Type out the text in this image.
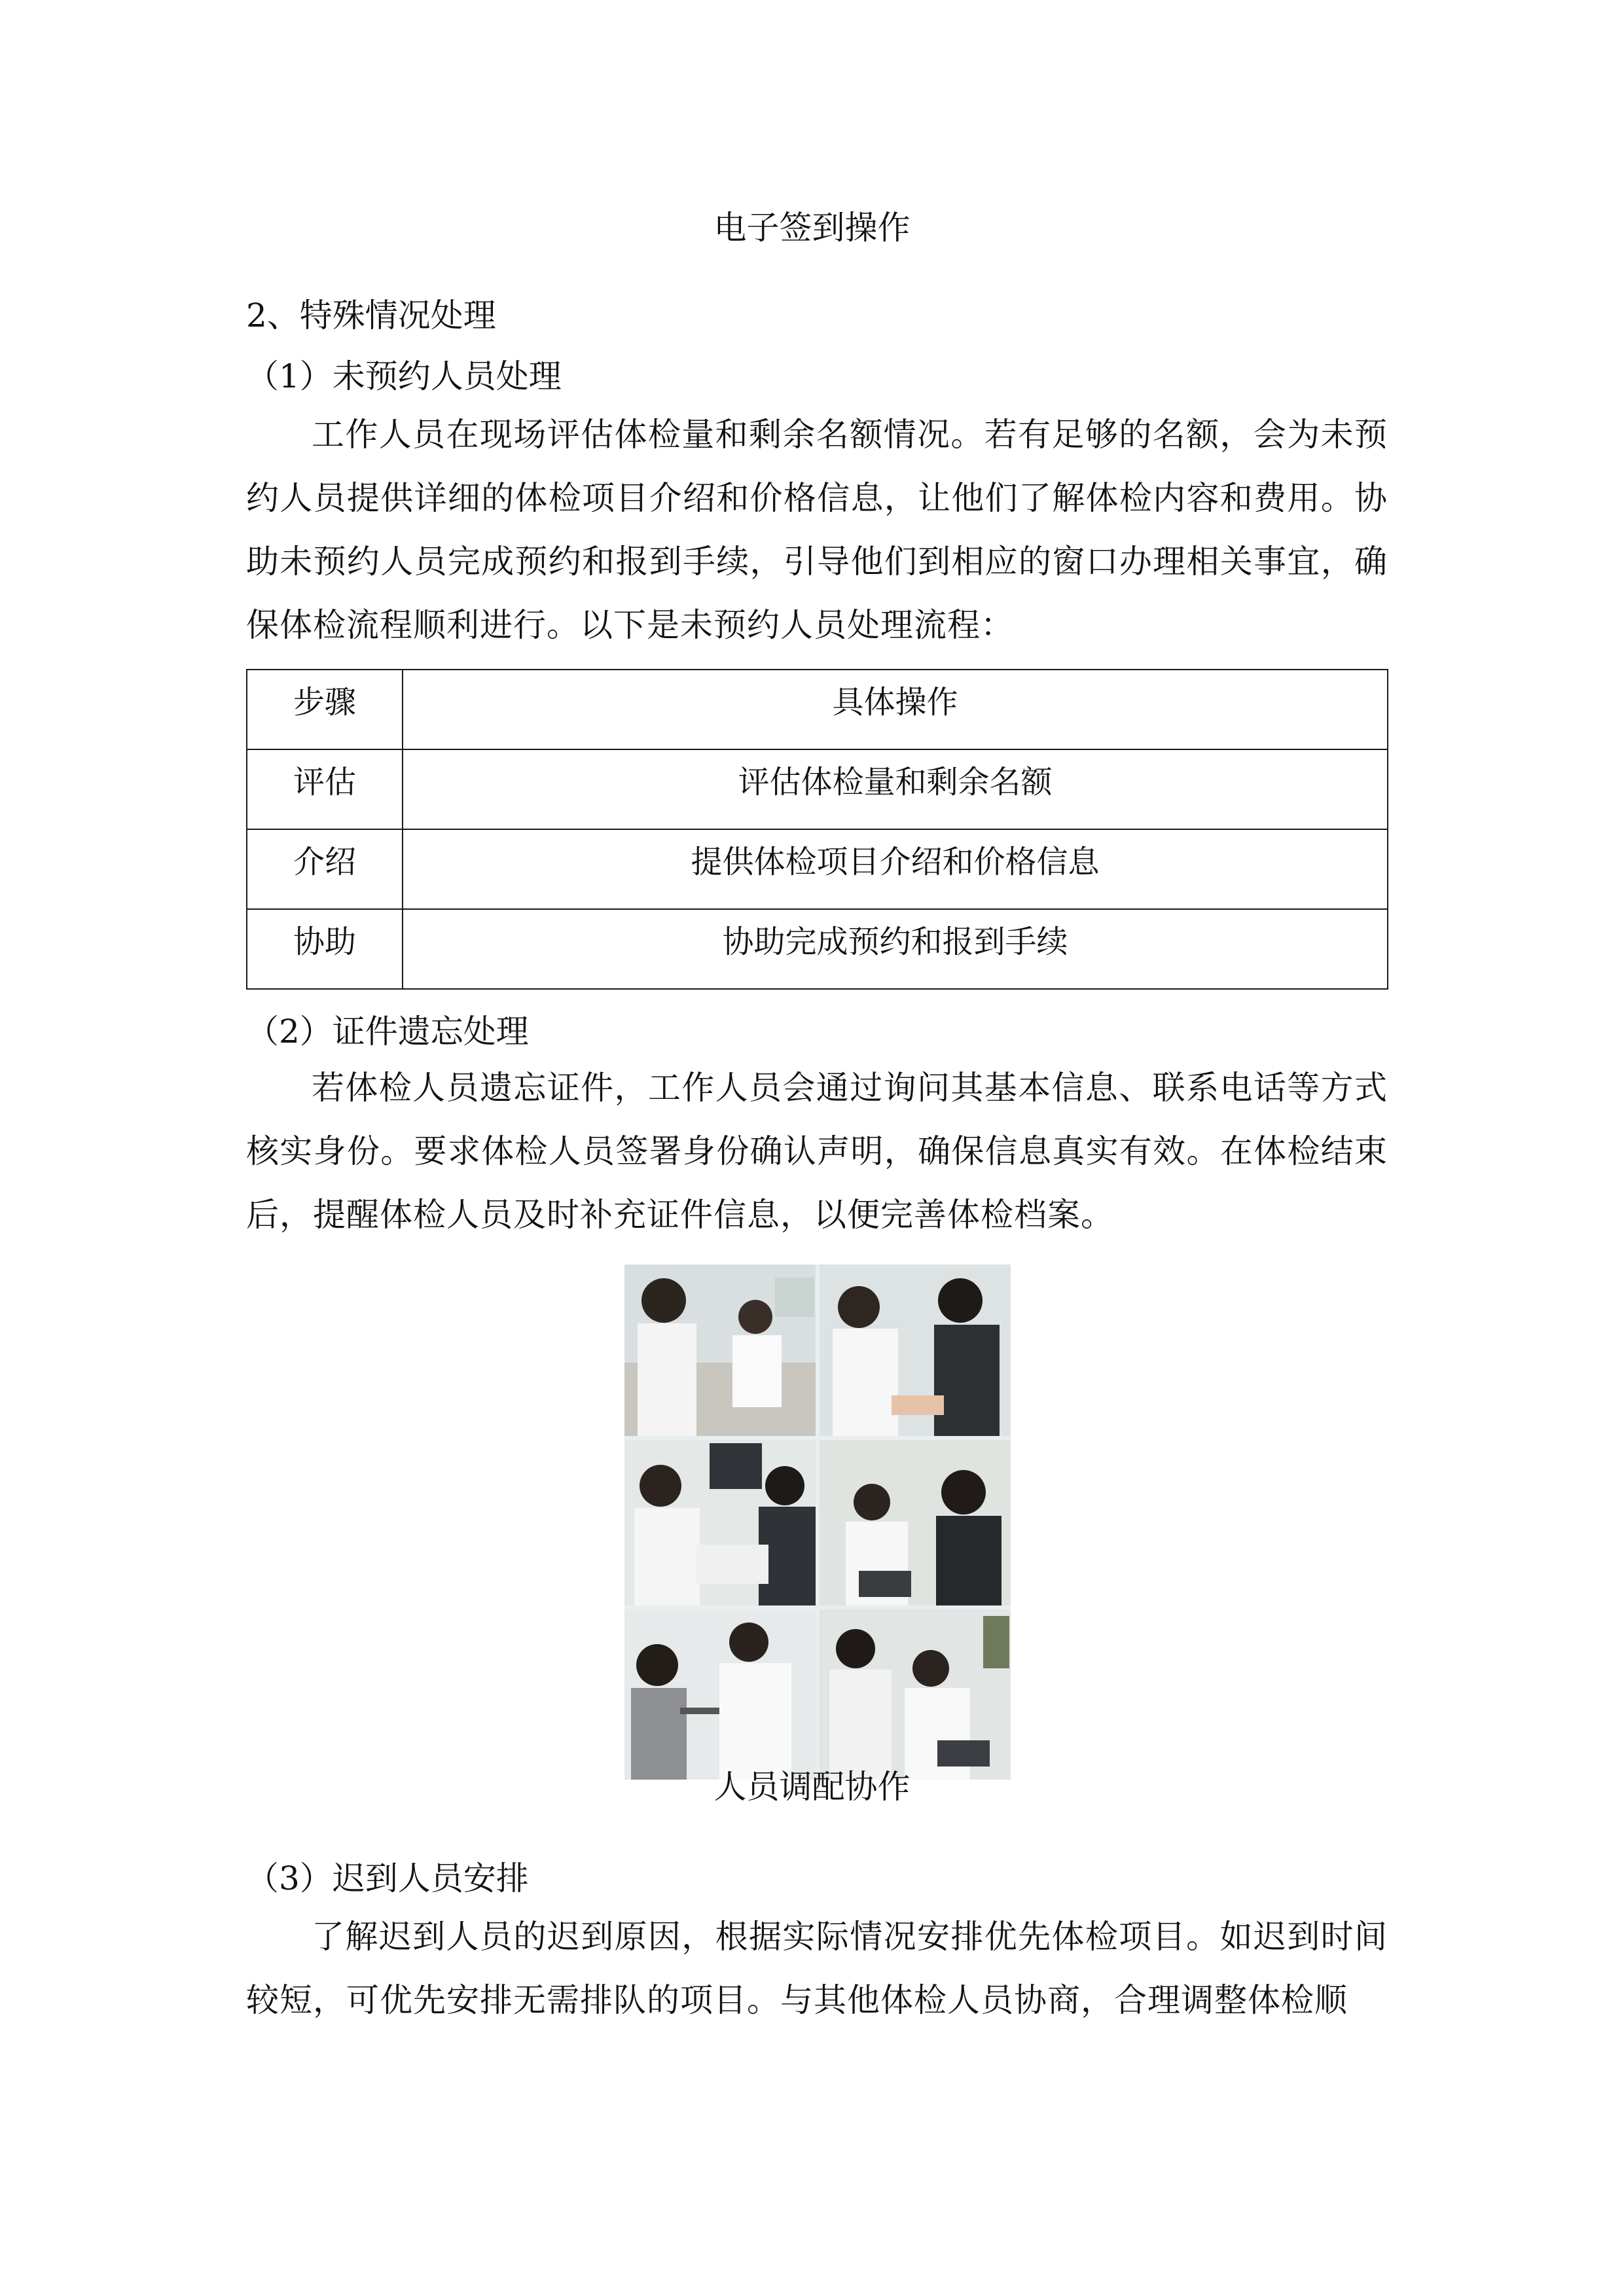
电子签到操作
2、特殊情况处理
（1）未预约人员处理
工作人员在现场评估体检量和剩余名额情况。若有足够的名额，会为未预约人员提供详细的体检项目介绍和价格信息，让他们了解体检内容和费用。协助未预约人员完成预约和报到手续，引导他们到相应的窗口办理相关事宜，确保体检流程顺利进行。以下是未预约人员处理流程：
步骤	具体操作

评估	评估体检量和剩余名额

介绍	提供体检项目介绍和价格信息

协助	协助完成预约和报到手续
（2）证件遗忘处理
若体检人员遗忘证件，工作人员会通过询问其基本信息、联系电话等方式核实身份。要求体检人员签署身份确认声明，确保信息真实有效。在体检结束后，提醒体检人员及时补充证件信息，以便完善体检档案。
人员调配协作
（3）迟到人员安排
了解迟到人员的迟到原因，根据实际情况安排优先体检项目。如迟到时间较短，可优先安排无需排队的项目。与其他体检人员协商，合理调整体检顺
